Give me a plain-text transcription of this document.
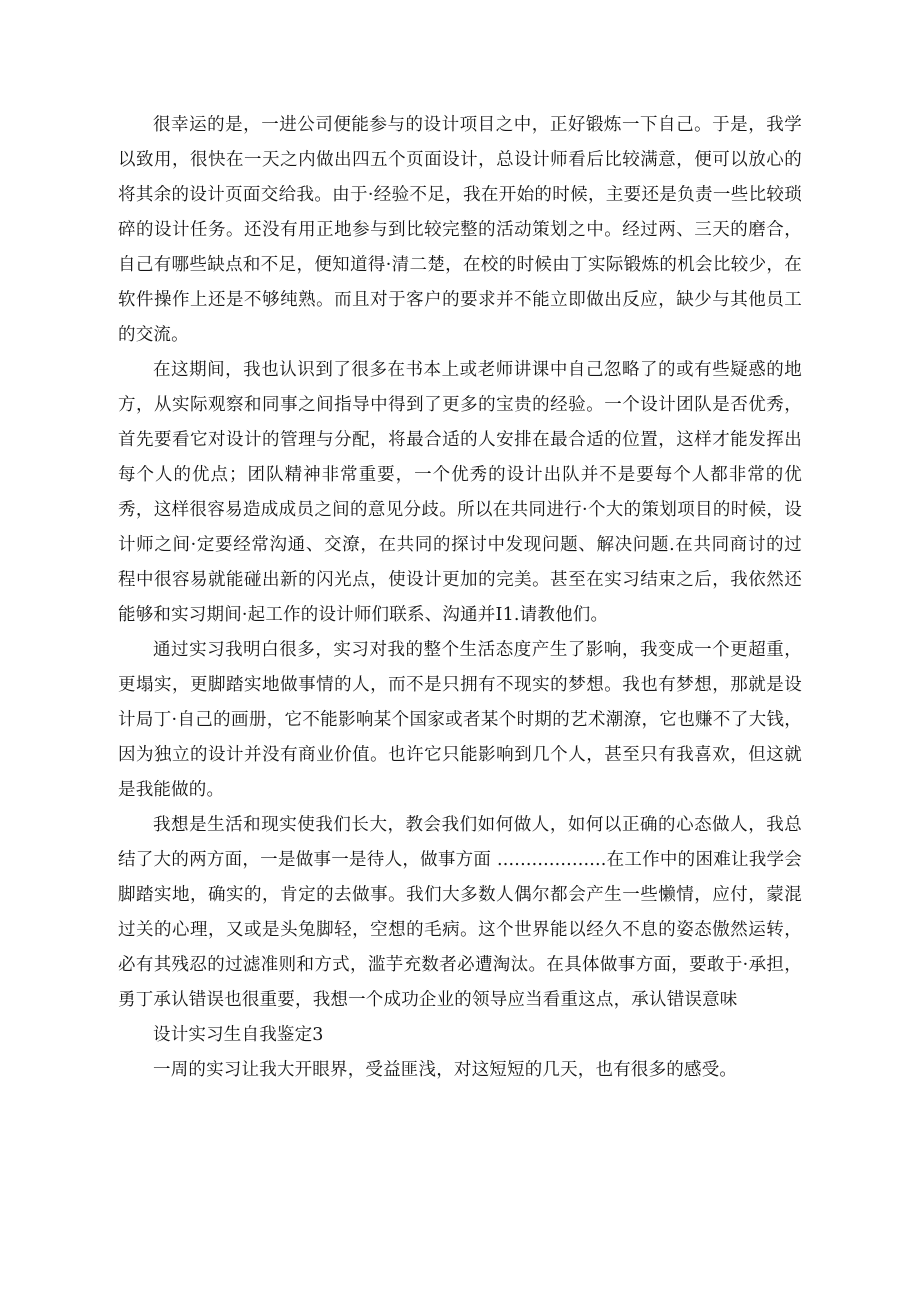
很幸运的是，一进公司便能参与的设计项目之中，正好锻炼一下自己。于是，我学以致用，很快在一天之内做出四五个页面设计，总设计师看后比较满意，便可以放心的将其余的设计页面交给我。由于·经验不足，我在开始的时候，主要还是负责一些比较琐碎的设计任务。还没有用正地参与到比较完整的活动策划之中。经过两、三天的磨合，自己有哪些缺点和不足，便知道得·清二楚，在校的时候由丁实际锻炼的机会比较少，在软件操作上还是不够纯熟。而且对于客户的要求并不能立即做出反应，缺少与其他员工的交流。

在这期间，我也认识到了很多在书本上或老师讲课中自己忽略了的或有些疑惑的地方，从实际观察和同事之间指导中得到了更多的宝贵的经验。一个设计团队是否优秀，首先要看它对设计的管理与分配，将最合适的人安排在最合适的位置，这样才能发挥出每个人的优点；团队精神非常重要，一个优秀的设计出队并不是要每个人都非常的优秀，这样很容易造成成员之间的意见分歧。所以在共同进行·个大的策划项目的时候，设计师之间·定要经常沟通、交潦，在共同的探讨中发现问题、解决问题.在共同商讨的过程中很容易就能碰出新的闪光点，使设计更加的完美。甚至在实习结束之后，我依然还能够和实习期间·起工作的设计师们联系、沟通并Ⅰ1.请教他们。

通过实习我明白很多，实习对我的整个生活态度产生了影响，我变成一个更超重，更塌实，更脚踏实地做事情的人，而不是只拥有不现实的梦想。我也有梦想，那就是设计局丁·自己的画册，它不能影响某个国家或者某个时期的艺术潮潦，它也赚不了大钱，因为独立的设计并没有商业价值。也许它只能影响到几个人，甚至只有我喜欢，但这就是我能做的。

我想是生活和现实使我们长大，教会我们如何做人，如何以正确的心态做人，我总结了大的两方面，一是做事一是待人，做事方面 ...................在工作中的困难让我学会脚踏实地，确实的，肯定的去做事。我们大多数人偶尔都会产生一些懒情，应付，蒙混过关的心理，又或是头兔脚轻，空想的毛病。这个世界能以经久不息的姿态傲然运转，必有其残忍的过滤准则和方式，滥芋充数者必遭淘汰。在具体做事方面，要敢于·承担，勇丁承认错误也很重要，我想一个成功企业的领导应当看重这点，承认错误意味

设计实习生自我鉴定3

一周的实习让我大开眼界，受益匪浅，对这短短的几天，也有很多的感受。
